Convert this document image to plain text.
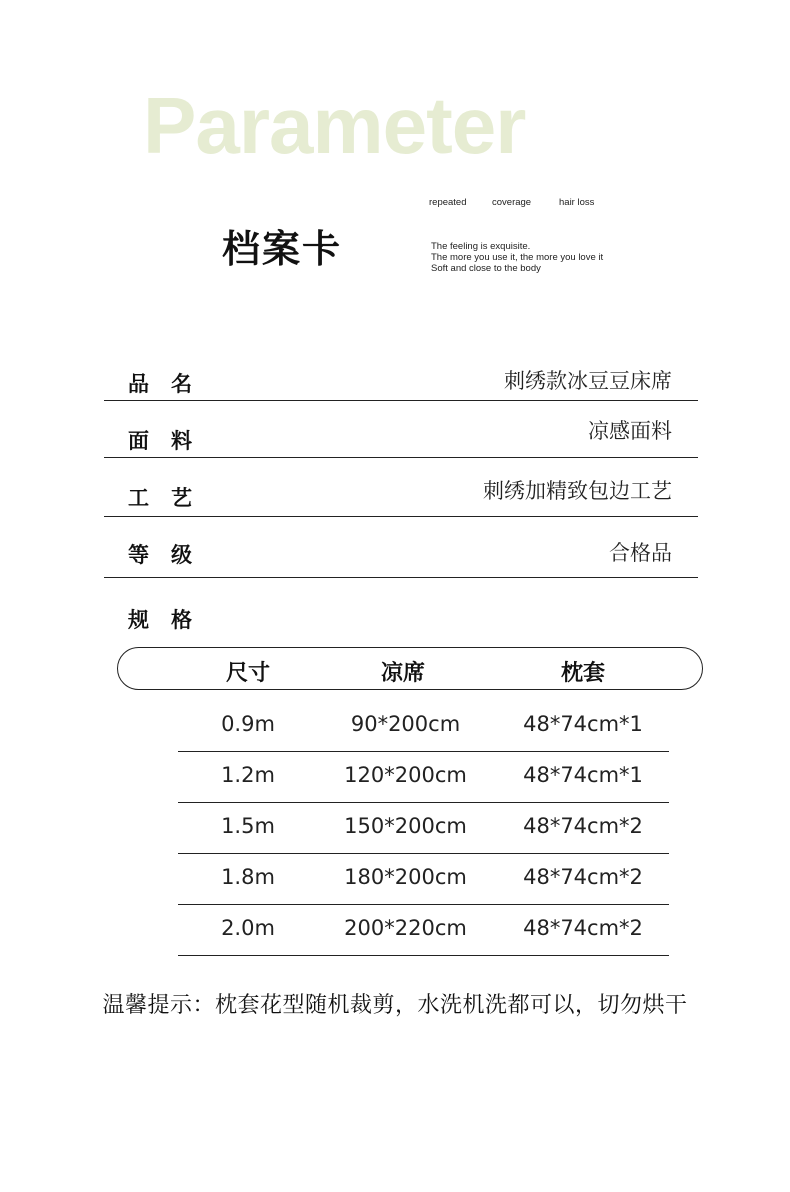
Parameter
repeated	coverage	hair loss
档案卡	The feeling is exquisite.
The more you use it, the more you love it
Soft and close to the body
品名	刺绣款冰豆豆床席
面料	凉感面料
工艺	刺绣加精致包边工艺
等级	合格品
规格
尺寸	凉席	枕套
0.9m	90*200cm	48*74cm*1
1.2m	120*200cm	48*74cm*1
1.5m	150*200cm	48*74cm*2
1.8m	180*200cm	48*74cm*2
2.0m	200*220cm	48*74cm*2
温馨提示：枕套花型随机裁剪，水洗机洗都可以，切勿烘干
